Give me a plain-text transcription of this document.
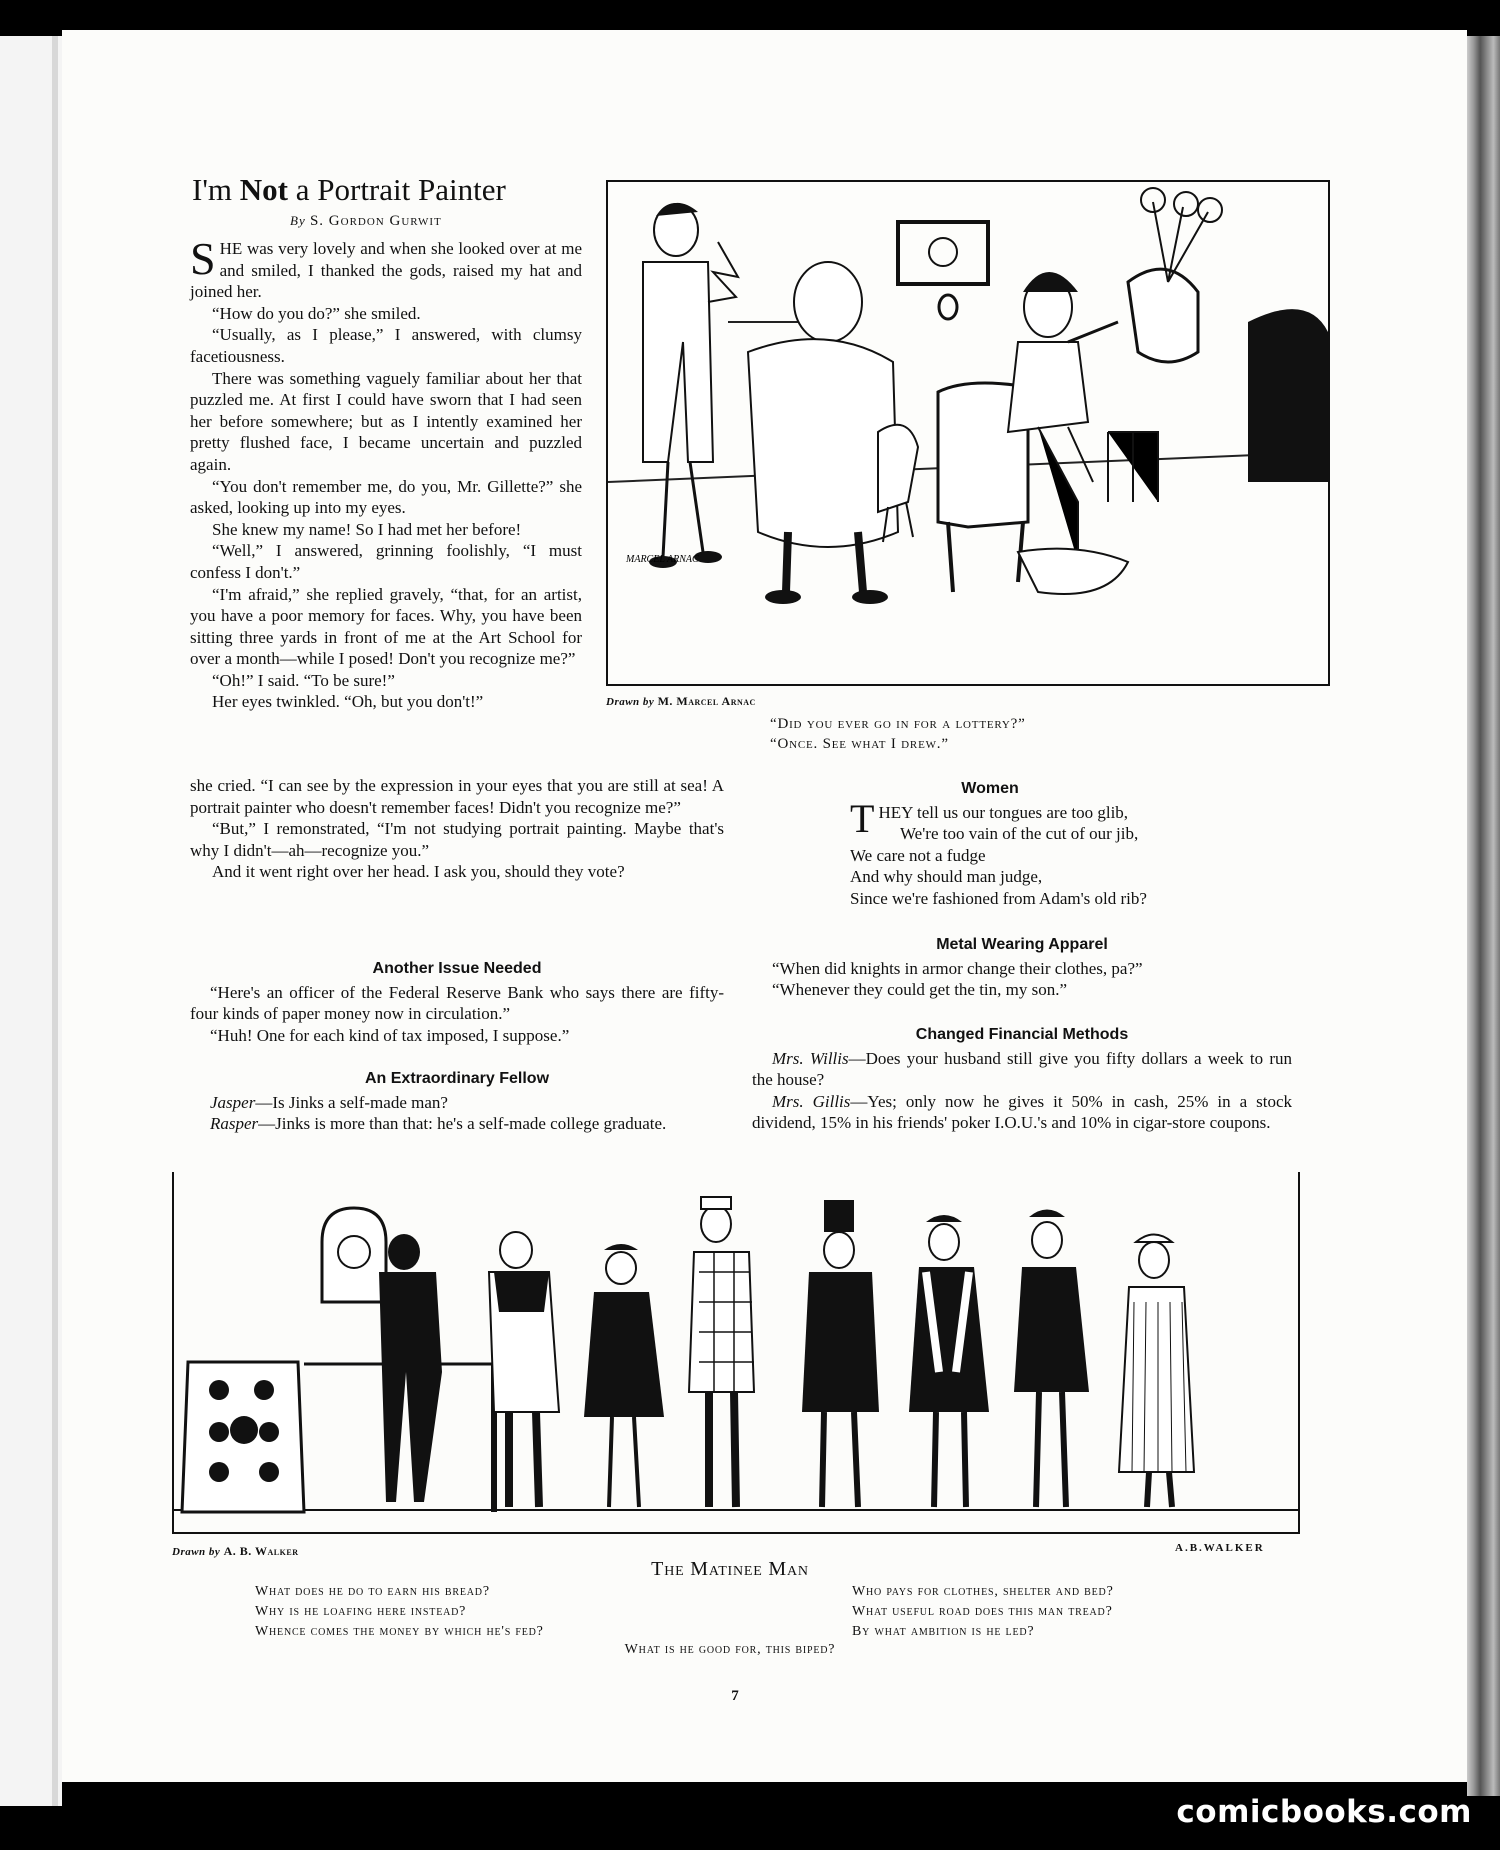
I'm Not a Portrait Painter
By S. Gordon Gurwit

SHE was very lovely and when she looked over at me and smiled, I thanked the gods, raised my hat and joined her.

“How do you do?” she smiled.

“Usually, as I please,” I answered, with clumsy facetiousness.

There was something vaguely familiar about her that puzzled me. At first I could have sworn that I had seen her before somewhere; but as I intently examined her pretty flushed face, I became uncertain and puzzled again.

“You don't remember me, do you, Mr. Gillette?” she asked, looking up into my eyes.

She knew my name! So I had met her before!

“Well,” I answered, grinning foolishly, “I must confess I don't.”

“I'm afraid,” she replied gravely, “that, for an artist, you have a poor memory for faces. Why, you have been sitting three yards in front of me at the Art School for over a month—while I posed! Don't you recognize me?”

“Oh!” I said. “To be sure!”

Her eyes twinkled. “Oh, but you don't!”

she cried. “I can see by the expression in your eyes that you are still at sea! A portrait painter who doesn't remember faces! Didn't you recognize me?”

“But,” I remonstrated, “I'm not studying portrait painting. Maybe that's why I didn't—ah—recognize you.”

And it went right over her head. I ask you, should they vote?

MARCEL ARNAC
Drawn by M. Marcel Arnac
“Did you ever go in for a lottery?”
“Once. See what I drew.”
Women
THEY tell us our tongues are too glib,
We're too vain of the cut of our jib,
We care not a fudge
And why should man judge,
Since we're fashioned from Adam's old rib?
Metal Wearing Apparel

“When did knights in armor change their clothes, pa?”

“Whenever they could get the tin, my son.”

Changed Financial Methods

Mrs. Willis—Does your husband still give you fifty dollars a week to run the house?

Mrs. Gillis—Yes; only now he gives it 50% in cash, 25% in a stock dividend, 15% in his friends' poker I.O.U.'s and 10% in cigar-store coupons.

Another Issue Needed

“Here's an officer of the Federal Reserve Bank who says there are fifty-four kinds of paper money now in circulation.”

“Huh! One for each kind of tax imposed, I suppose.”

An Extraordinary Fellow

Jasper—Is Jinks a self-made man?

Rasper—Jinks is more than that: he's a self-made college graduate.

Drawn by A. B. Walker	A.B.WALKER
The Matinee Man
What does he do to earn his bread?
Why is he loafing here instead?
Whence comes the money by which he's fed?
Who pays for clothes, shelter and bed?
What useful road does this man tread?
By what ambition is he led?
What is he good for, this biped?
7
comicbooks.com
